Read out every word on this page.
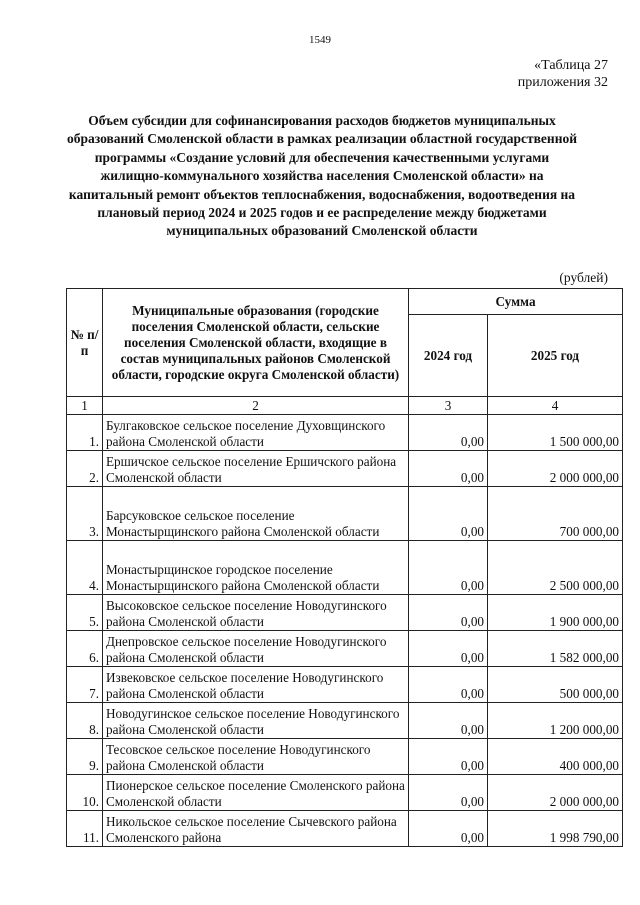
1549
«Таблица 27
приложения 32
Объем субсидии для софинансирования расходов бюджетов муниципальных образований Смоленской области в рамках реализации областной государственной программы «Создание условий для обеспечения качественными услугами жилищно-коммунального хозяйства населения Смоленской области» на капитальный ремонт объектов теплоснабжения, водоснабжения, водоотведения на плановый период 2024 и 2025 годов и ее распределение между бюджетами муниципальных образований Смоленской области
(рублей)
№ п/п	Муниципальные образования (городские поселения Смоленской области, сельские поселения Смоленской области, входящие в состав муниципальных районов Смоленской области, городские округа Смоленской области)	Сумма	
		2024 год	2025 год
1	2	3	4
1.	Булгаковское сельское поселение Духовщинского района Смоленской области	0,00	1 500 000,00
2.	Ершичское сельское поселение Ершичского района Смоленской области	0,00	2 000 000,00
3.	Барсуковское сельское поселение Монастырщинского района Смоленской области	0,00	700 000,00
4.	Монастырщинское городское поселение Монастырщинского района Смоленской области	0,00	2 500 000,00
5.	Высоковское сельское поселение Новодугинского района Смоленской области	0,00	1 900 000,00
6.	Днепровское сельское поселение Новодугинского района Смоленской области	0,00	1 582 000,00
7.	Извековское сельское поселение Новодугинского района Смоленской области	0,00	500 000,00
8.	Новодугинское сельское поселение Новодугинского района Смоленской области	0,00	1 200 000,00
9.	Тесовское сельское поселение Новодугинского района Смоленской области	0,00	400 000,00
10.	Пионерское сельское поселение Смоленского района Смоленской области	0,00	2 000 000,00
11.	Никольское сельское поселение Сычевского района Смоленского района	0,00	1 998 790,00
